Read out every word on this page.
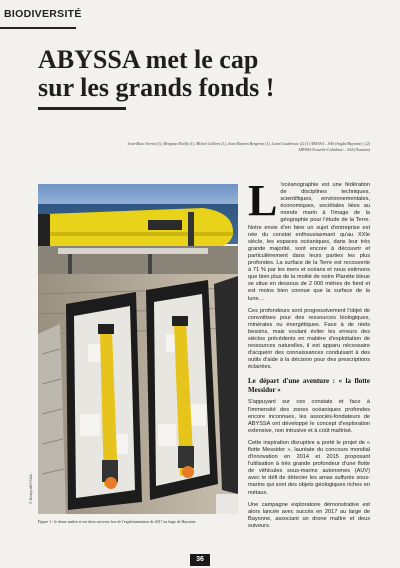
BIODIVERSITÉ
ABYSSA met le cap
sur les grands fonds !
Jean-Marc Sornin (1), Morgane Rivilly (1), Michel Collinet (1), Jean-Damien Bergeron (1), Lionel Loubersac (2) (1) ABYSSA – SAS (Anglet/Bayonne) | (2) ABYSSA Nouvelle-Calédonie – SAS (Nouméa)
© Ecorp ABYSSA.
Figure 1 : le drone maître et ses deux suiveurs lors de l'expérimentation de 2017 au large de Bayonne.

L 'océanographie est une fédération de disciplines techniques, scientifiques, environnementales, économiques, sociétales liées au monde marin à l'image de la géographie pour l'étude de la Terre. Notre envie d'en faire un sujet d'entreprise est née du constat enthousiasmant qu'au XXIe siècle, les espaces océaniques, dans leur très grande majorité, sont encore à découvrir et particulièrement dans leurs parties les plus profondes. La surface de la Terre est recouverte à 71 % par les mers et océans et nous estimons que bien plus de la moitié de notre Planète bleue se situe en dessous de 2 000 mètres de fond et est moins bien connue que la surface de la lune…

Ces profondeurs sont progressivement l'objet de convoitises pour des ressources biologiques, minérales ou énergétiques. Face à de réels besoins, mais voulant éviter les erreurs des siècles précédents en matière d'exploitation de ressources naturelles, il est apparu nécessaire d'acquérir des connaissances conduisant à des outils d'aide à la décision pour des prescriptions éclairées.

Le départ d'une aventure : « la flotte Messidor »

S'appuyant sur ces constats et face à l'immensité des zones océaniques profondes encore inconnues, les associés-fondateurs de ABYSSA ont développé le concept d'exploration extensive, non intrusive et à coût maîtrisé.

Cette inspiration disruptive a porté le projet de « flotte Messidor », lauréate du concours mondial d'innovation en 2014 et 2015 proposant l'utilisation à très grande profondeur d'une flotte de véhicules sous-marins autonomes (AUV) avec le défi de détecter les amas sulfurés sous-marins qui sont des objets géologiques riches en métaux.

Une campagne exploratoire démonstrative est alors lancée avec succès en 2017 au large de Bayonne, associant un drone maître et deux suiveurs.

36
